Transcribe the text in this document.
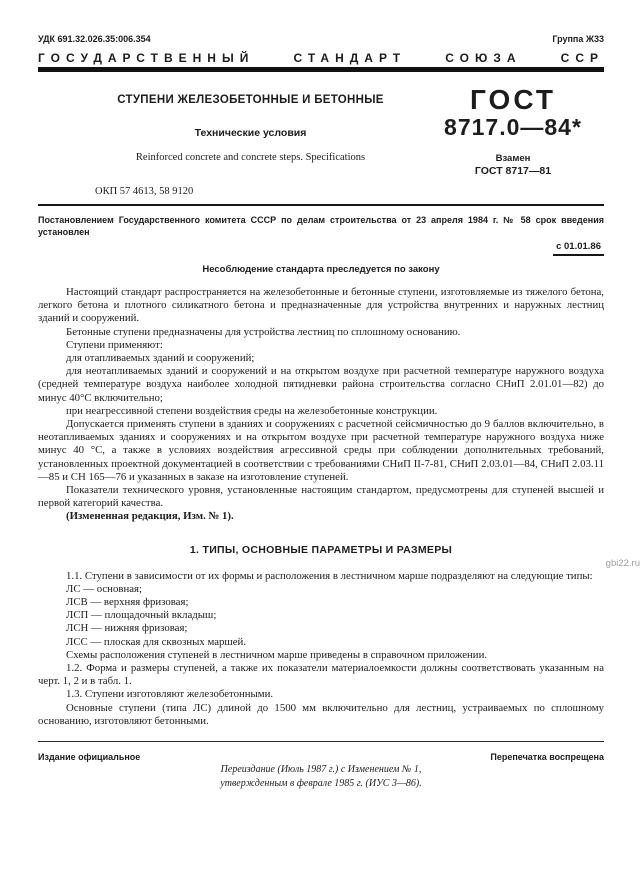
УДК 691.32.026.35:006.354	Группа Ж33
ГОСУДАРСТВЕННЫЙ	СТАНДАРТ	СОЮЗА	ССР
СТУПЕНИ ЖЕЛЕЗОБЕТОННЫЕ И БЕТОННЫЕ
Технические условия
Reinforced concrete and concrete steps. Specifications
ГОСТ
8717.0—84*
Взамен
ГОСТ 8717—81
ОКП 57 4613, 58 9120
Постановлением Государственного комитета СССР по делам строительства от 23 апреля 1984 г. № 58 срок введения установлен
с 01.01.86
Несоблюдение стандарта преследуется по закону

Настоящий стандарт распространяется на железобетонные и бетонные ступени, изготовляемые из тяжелого бетона, легкого бетона и плотного силикатного бетона и предназначенные для устройства внутренних и наружных лестниц зданий и сооружений.

Бетонные ступени предназначены для устройства лестниц по сплошному основанию.

Ступени применяют:

для отапливаемых зданий и сооружений;

для неотапливаемых зданий и сооружений и на открытом воздухе при расчетной температуре наружного воздуха (средней температуре воздуха наиболее холодной пятидневки района строительства согласно СНиП 2.01.01—82) до минус 40°С включительно;

при неагрессивной степени воздействия среды на железобетонные конструкции.

Допускается применять ступени в зданиях и сооружениях с расчетной сейсмичностью до 9 баллов включительно, в неотапливаемых зданиях и сооружениях и на открытом воздухе при расчетной температуре наружного воздуха ниже минус 40 °С, а также в условиях воздействия агрессивной среды при соблюдении дополнительных требований, установленных проектной документацией в соответствии с требованиями СНиП II-7-81, СНиП 2.03.01—84, СНиП 2.03.11—85 и СН 165—76 и указанных в заказе на изготовление ступеней.

Показатели технического уровня, установленные настоящим стандартом, предусмотрены для ступеней высшей и первой категорий качества.

(Измененная редакция, Изм. № 1).

1. ТИПЫ, ОСНОВНЫЕ ПАРАМЕТРЫ И РАЗМЕРЫ

1.1. Ступени в зависимости от их формы и расположения в лестничном марше подразделяют на следующие типы:

ЛС — основная;

ЛСВ — верхняя фризовая;

ЛСП — площадочный вкладыш;

ЛСН — нижняя фризовая;

ЛСС — плоская для сквозных маршей.

Схемы расположения ступеней в лестничном марше приведены в справочном приложении.

1.2. Форма и размеры ступеней, а также их показатели материалоемкости должны соответствовать указанным на черт. 1, 2 и в табл. 1.

1.3. Ступени изготовляют железобетонными.

Основные ступени (типа ЛС) длиной до 1500 мм включительно для лестниц, устраиваемых по сплошному основанию, изготовляют бетонными.

Издание официальное	Перепечатка воспрещена
Переиздание (Июль 1987 г.) с Изменением № 1,
утвержденным в феврале 1985 г. (ИУС 3—86).
gbi22.ru
